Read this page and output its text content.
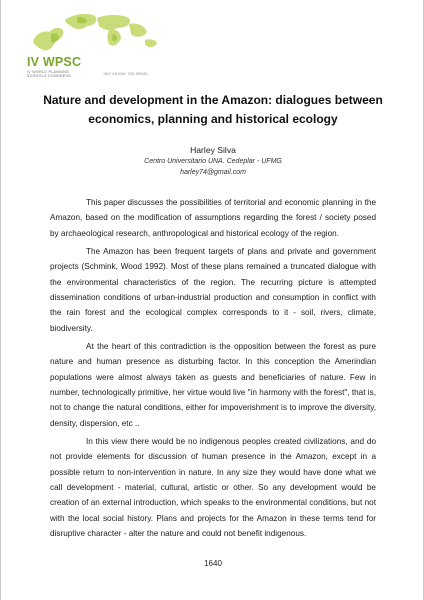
IV WPSC
IV WORLD PLANNING SCHOOLS CONGRESS	JULY 4-8 2016 · RIO, BRAZIL
Nature and development in the Amazon: dialogues between economics, planning and historical ecology

Harley Silva

Centro Universitario UNA. Cedeplar - UFMG

harley74@gmail.com

This paper discusses the possibilities of territorial and economic planning in the Amazon, based on the modification of assumptions regarding the forest / society posed by archaeological research, anthropological and historical ecology of the region.

The Amazon has been frequent targets of plans and private and government projects (Schmink, Wood 1992). Most of these plans remained a truncated dialogue with the environmental characteristics of the region. The recurring picture is attempted dissemination conditions of urban-industrial production and consumption in conflict with the rain forest and the ecological complex corresponds to it - soil, rivers, climate, biodiversity.

At the heart of this contradiction is the opposition between the forest as pure nature and human presence as disturbing factor. In this conception the Amerindian populations were almost always taken as guests and beneficiaries of nature. Few in number, technologically primitive, her virtue would live "in harmony with the forest", that is, not to change the natural conditions, either for impoverishment is to improve the diversity, density, dispersion, etc ..

In this view there would be no indigenous peoples created civilizations, and do not provide elements for discussion of human presence in the Amazon, except in a possible return to non-intervention in nature. In any size they would have done what we call development - material, cultural, artistic or other. So any development would be creation of an external introduction, which speaks to the environmental conditions, but not with the local social history. Plans and projects for the Amazon in these terms tend for disruptive character - alter the nature and could not benefit indigenous.

1640
